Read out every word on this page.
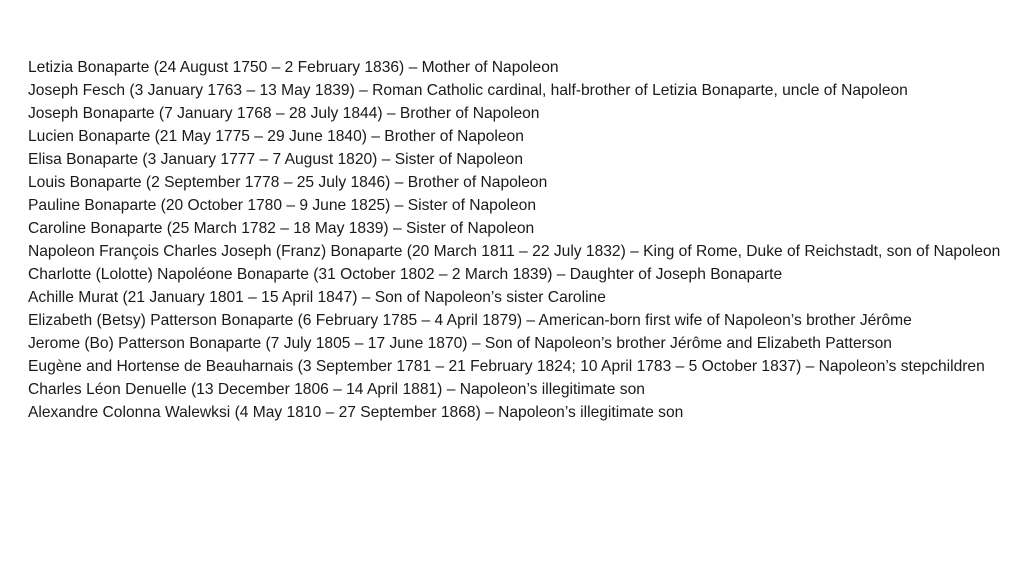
Letizia Bonaparte (24 August 1750 – 2 February 1836) – Mother of Napoleon

Joseph Fesch (3 January 1763 – 13 May 1839) – Roman Catholic cardinal, half-brother of Letizia Bonaparte, uncle of Napoleon

Joseph Bonaparte (7 January 1768 – 28 July 1844) – Brother of Napoleon

Lucien Bonaparte (21 May 1775 – 29 June 1840) – Brother of Napoleon

Elisa Bonaparte (3 January 1777 – 7 August 1820) – Sister of Napoleon

Louis Bonaparte (2 September 1778 – 25 July 1846) – Brother of Napoleon

Pauline Bonaparte (20 October 1780 – 9 June 1825) – Sister of Napoleon

Caroline Bonaparte (25 March 1782 – 18 May 1839) – Sister of Napoleon

Napoleon François Charles Joseph (Franz) Bonaparte (20 March 1811 – 22 July 1832) – King of Rome, Duke of Reichstadt, son of Napoleon

Charlotte (Lolotte) Napoléone Bonaparte (31 October 1802 – 2 March 1839) – Daughter of Joseph Bonaparte

Achille Murat (21 January 1801 – 15 April 1847) – Son of Napoleon’s sister Caroline

Elizabeth (Betsy) Patterson Bonaparte (6 February 1785 – 4 April 1879) – American-born first wife of Napoleon’s brother Jérôme

Jerome (Bo) Patterson Bonaparte (7 July 1805 – 17 June 1870) – Son of Napoleon’s brother Jérôme and Elizabeth Patterson

Eugène and Hortense de Beauharnais (3 September 1781 – 21 February 1824; 10 April 1783 – 5 October 1837) – Napoleon’s stepchildren

Charles Léon Denuelle (13 December 1806 – 14 April 1881) – Napoleon’s illegitimate son

Alexandre Colonna Walewksi (4 May 1810 – 27 September 1868) – Napoleon’s illegitimate son
